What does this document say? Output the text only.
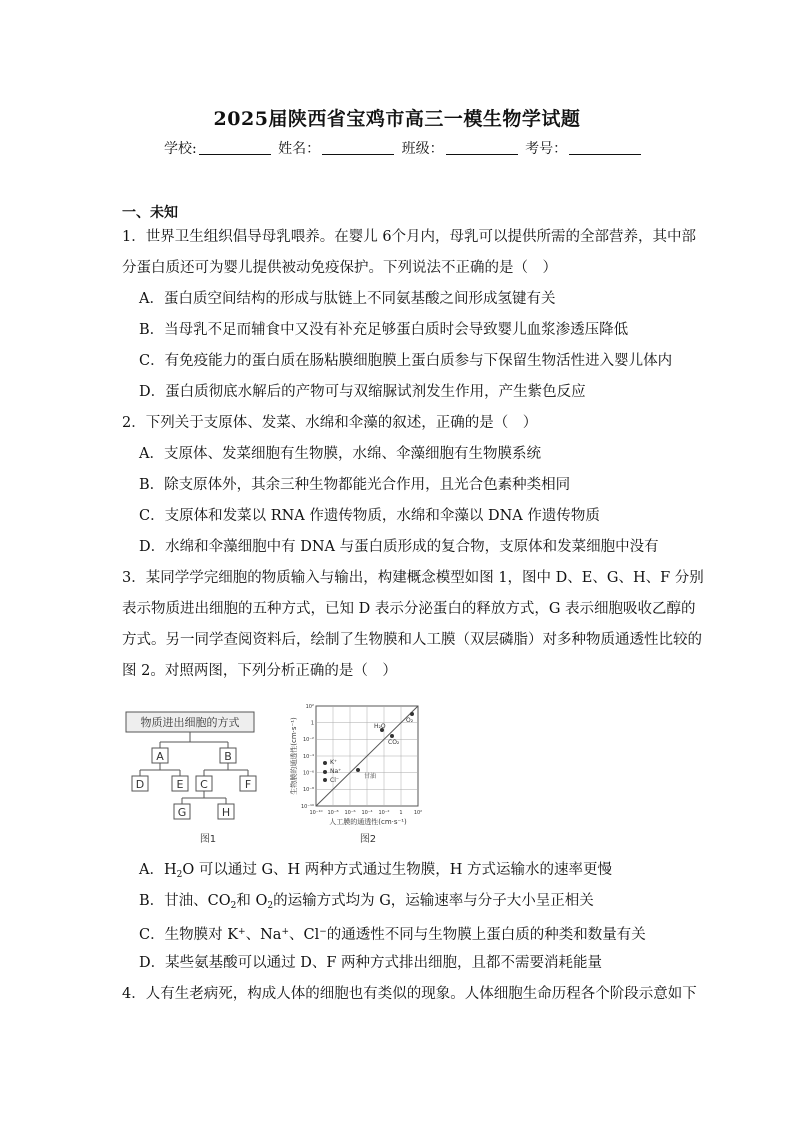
2025届陕西省宝鸡市高三一模生物学试题
学校:	姓名：	班级：	考号：
一、未知
1．世界卫生组织倡导母乳喂养。在婴儿 6个月内，母乳可以提供所需的全部营养，其中部
分蛋白质还可为婴儿提供被动免疫保护。下列说法不正确的是（　）
A．蛋白质空间结构的形成与肽链上不同氨基酸之间形成氢键有关
B．当母乳不足而辅食中又没有补充足够蛋白质时会导致婴儿血浆渗透压降低
C．有免疫能力的蛋白质在肠粘膜细胞膜上蛋白质参与下保留生物活性进入婴儿体内
D．蛋白质彻底水解后的产物可与双缩脲试剂发生作用，产生紫色反应
2．下列关于支原体、发菜、水绵和伞藻的叙述，正确的是（　）
A．支原体、发菜细胞有生物膜，水绵、伞藻细胞有生物膜系统
B．除支原体外，其余三种生物都能光合作用，且光合色素种类相同
C．支原体和发菜以 RNA 作遗传物质，水绵和伞藻以 DNA 作遗传物质
D．水绵和伞藻细胞中有 DNA 与蛋白质形成的复合物，支原体和发菜细胞中没有
3．某同学学完细胞的物质输入与输出，构建概念模型如图 1，图中 D、E、G、H、F 分别
表示物质进出细胞的五种方式，已知 D 表示分泌蛋白的释放方式，G 表示细胞吸收乙醇的
方式。另一同学查阅资料后，绘制了生物膜和人工膜（双层磷脂）对多种物质通透性比较的
图 2。对照两图，下列分析正确的是（　）
物质进出细胞的方式
A	B
D	E C	F
G	H
图1
H₂O
CO₂
O₂
K⁺
Na⁺
Cl⁻
甘油
10²
1
10⁻²
10⁻⁴
10⁻⁶
10⁻⁸
10⁻¹⁰
10⁻¹⁰ 10⁻⁸ 10⁻⁶ 10⁻⁴ 10⁻² 1 10²
人工膜的通透性(cm·s⁻¹)
生物膜的通透性(cm·s⁻¹)
图2
A．$H_2O$ 可以通过 G、H 两种方式通过生物膜，H 方式运输水的速率更慢
B．甘油、$CO_2$和 $O_2$的运输方式均为 G，运输速率与分子大小呈正相关
C．生物膜对 K+、Na+、Cl−的通透性不同与生物膜上蛋白质的种类和数量有关
D．某些氨基酸可以通过 D、F 两种方式排出细胞，且都不需要消耗能量
4．人有生老病死，构成人体的细胞也有类似的现象。人体细胞生命历程各个阶段示意如下
